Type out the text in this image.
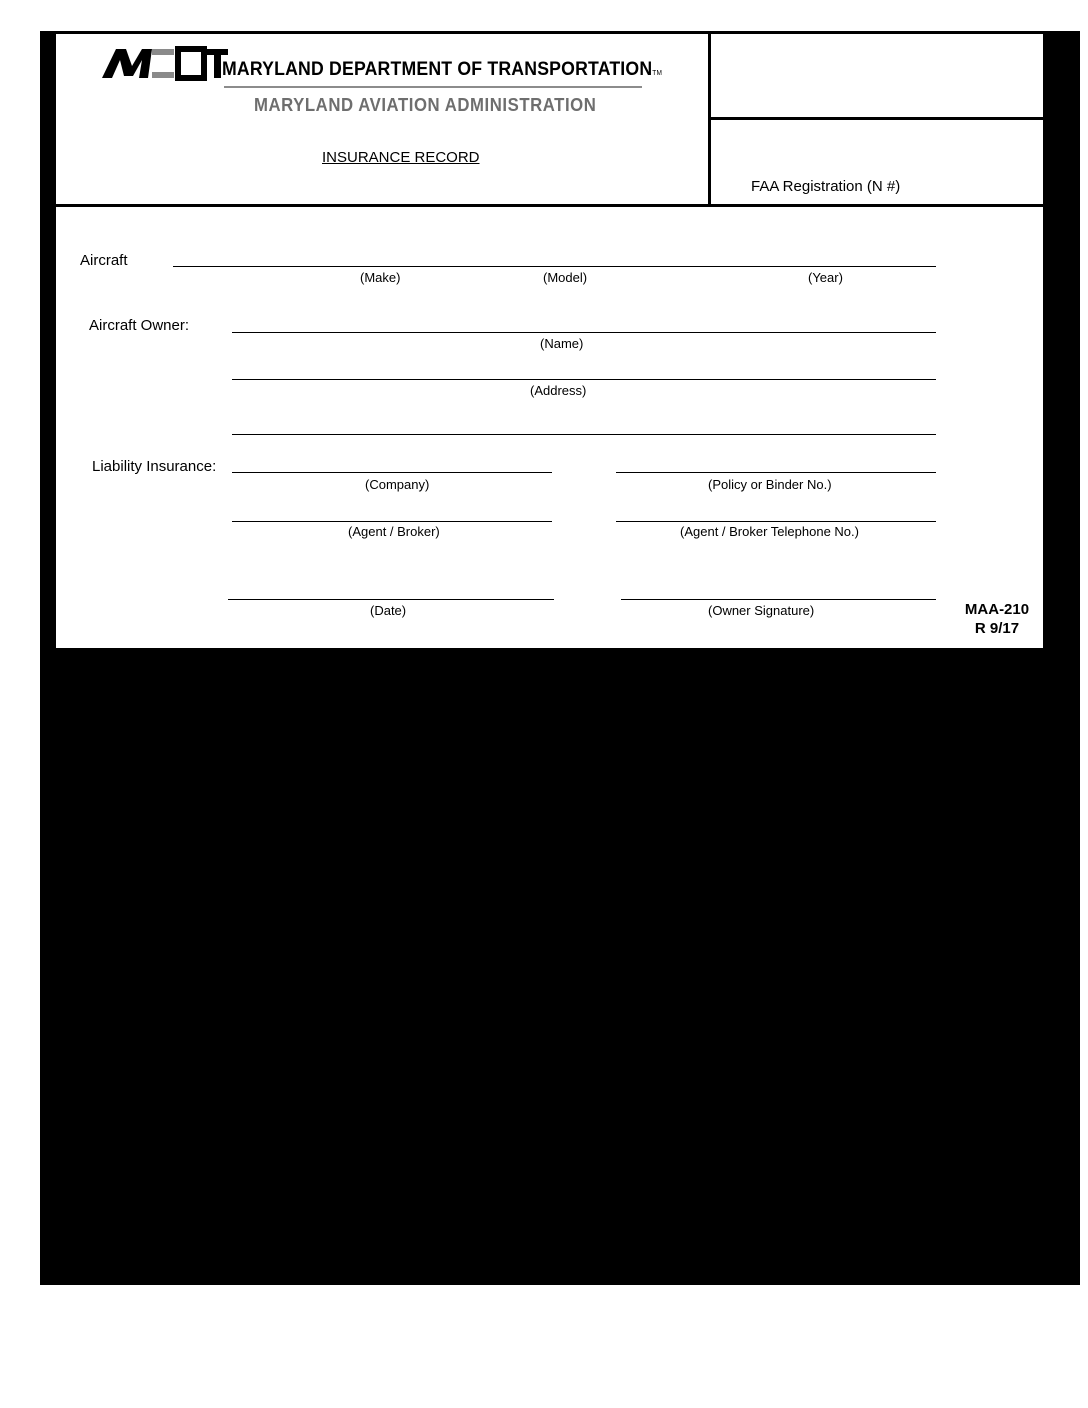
MARYLAND DEPARTMENT OF TRANSPORTATIONTM
MARYLAND AVIATION ADMINISTRATION
INSURANCE RECORD
FAA Registration (N #)
Aircraft
(Make)	(Model)	(Year)
Aircraft Owner:
(Name)
(Address)
Liability Insurance:
(Company)	(Policy or Binder No.)
(Agent / Broker)	(Agent / Broker Telephone No.)
(Date)	(Owner Signature)	MAA-210
R 9/17
